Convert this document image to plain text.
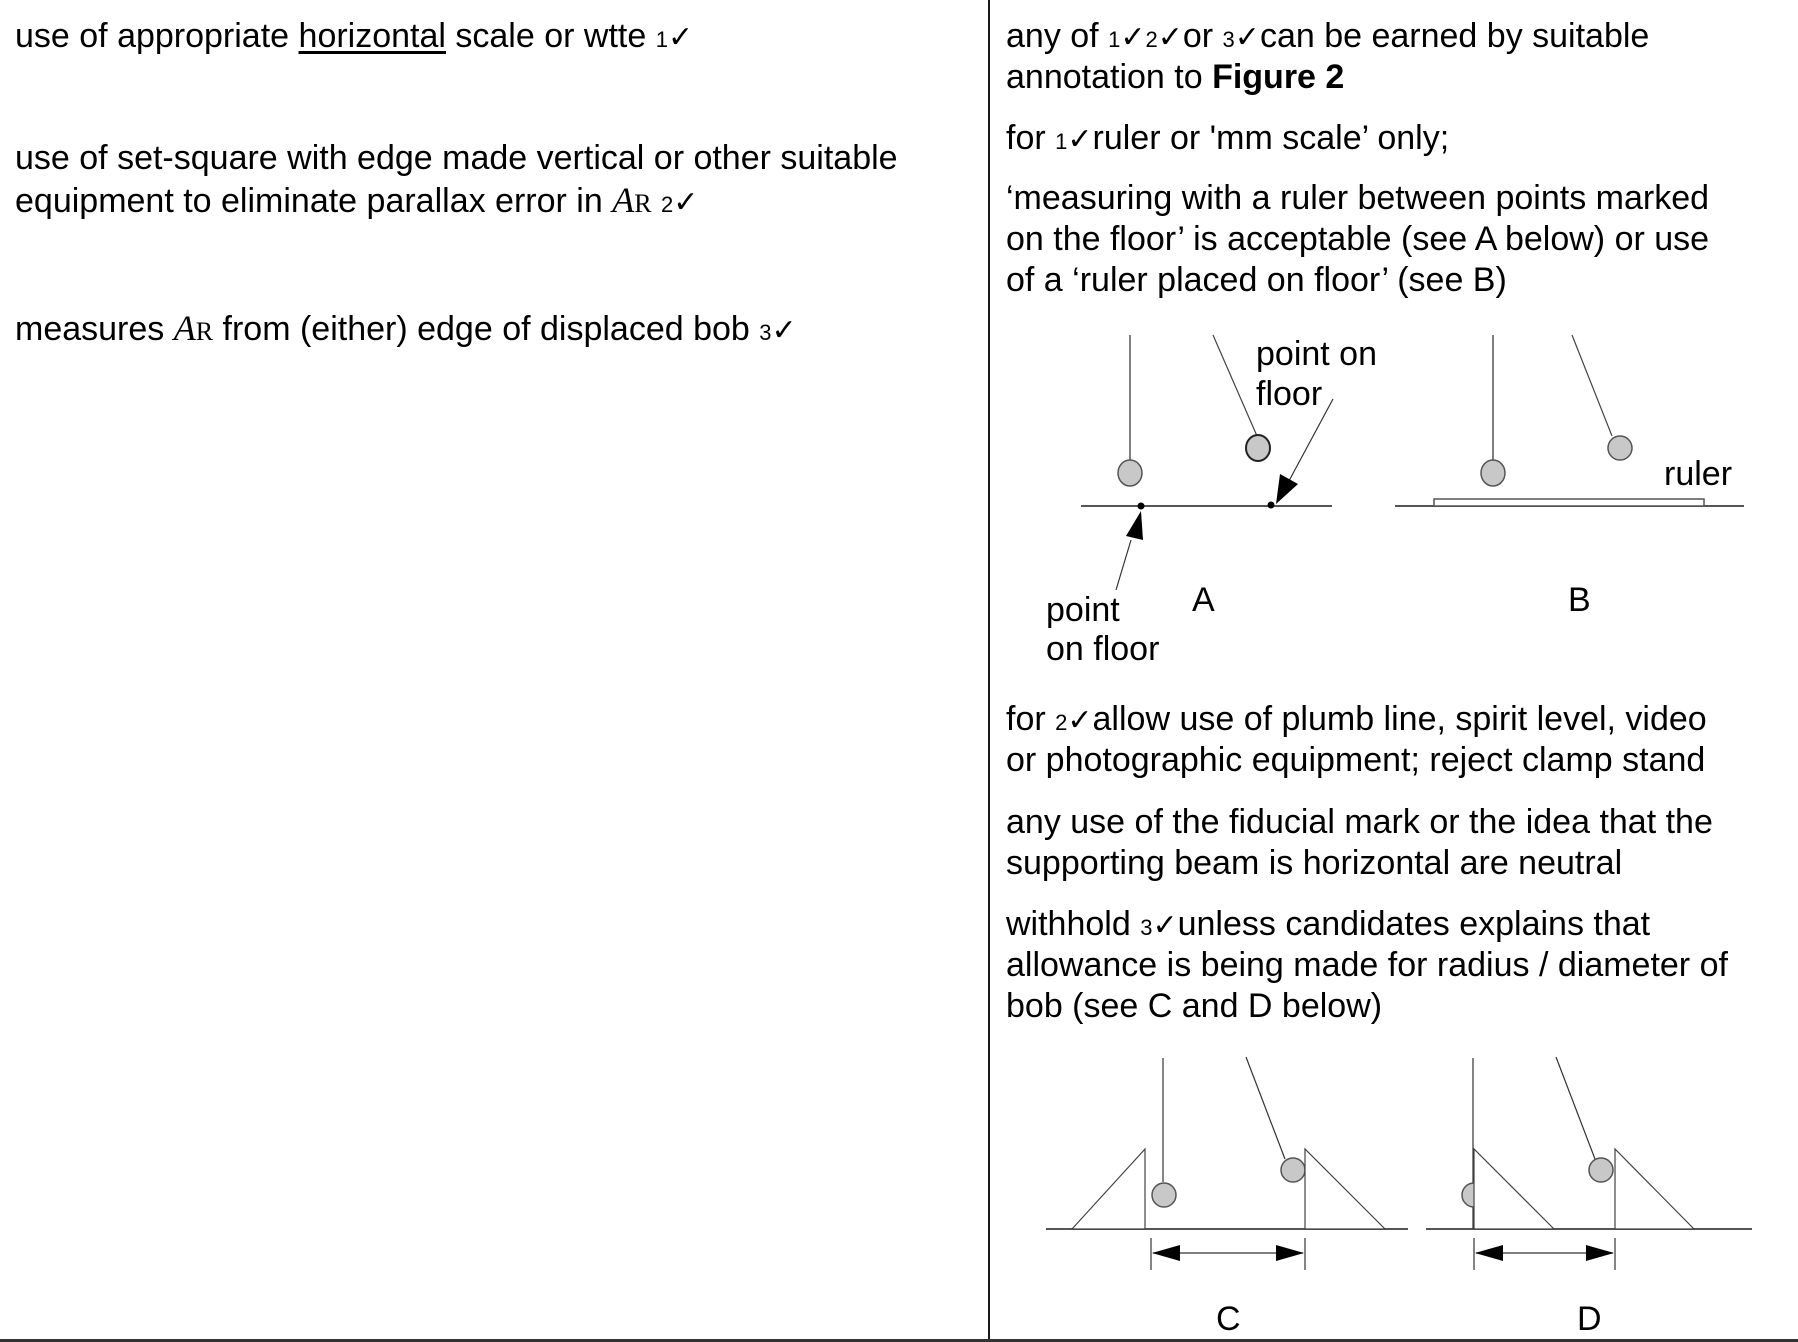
use of appropriate horizontal scale or wtte 1✓
use of set-square with edge made vertical or other suitable
equipment to eliminate parallax error in AR 2✓
measures AR from (either) edge of displaced bob 3✓
any of 1✓2✓or 3✓can be earned by suitable
annotation to Figure 2
for 1✓ruler or 'mm scale’ only;
‘measuring with a ruler between points marked
on the floor’ is acceptable (see A below) or use
of a ‘ruler placed on floor’ (see B)
for 2✓allow use of plumb line, spirit level, video
or photographic equipment; reject clamp stand
any use of the fiducial mark or the idea that the
supporting beam is horizontal are neutral
withhold 3✓unless candidates explains that
allowance is being made for radius / diameter of
bob (see C and D below)
point on
floor
point
on floor
A
ruler
B
C	D
